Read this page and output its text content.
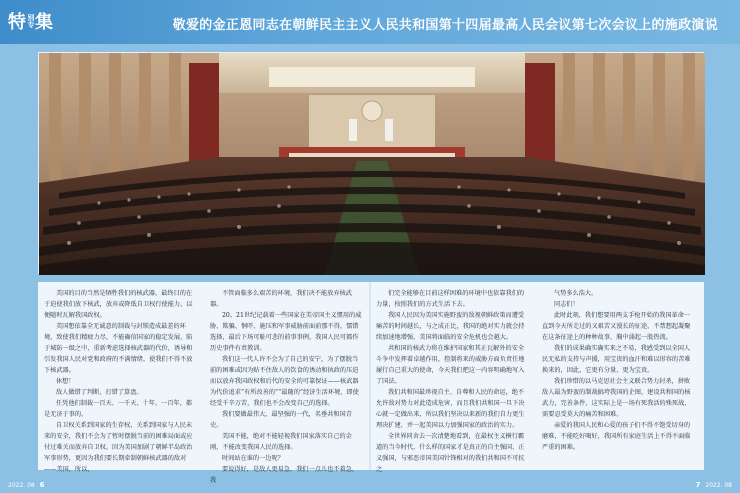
特 别专 集	敬爱的金正恩同志在朝鲜民主主义人民共和国第十四届最高人民会议第七次会议上的施政演说

美国的目的当然是牺牲我们的核武器，最终目的在于迫使我们放下核武，放弃或降低自卫权行使能力，以便随时瓦解我国政权。

美国想依靠全无诚意的制裁与封锁造成最差的环境，致使我们精疲力尽，不能确信国家的稳定发展，陷于城防一级之中，重新考虑选择核武器的代价，诱导和引发我国人民对党和政府的不满情绪，使我们不得不放下核武器。

休想！

敌人做错了判断，打错了算盘。

任凭他们制裁一百天、一千天、十年、一百年，都是无济于事的。

自卫权关系到国家的生存权，关系到国家与人民未来的安全，我们不会为了暂时摆脱当前的困难局面或应付过难关而放弃自卫权。因为美国加剧了朝鲜半岛政治军事形势，更因为我们要长期牵制朝鲜核武器的敌对——美国，所以，

不管面临多么艰苦的环境，我们决不能放弃核武器。

20、21世纪记载着一些国家在美帝国主义惯用的威胁、欺骗、恫吓、施压和军事威胁前面前那不得，懦错选择，最后下场可耻可悲的前事事例，我国人民可都作历史事件有责教训。

我们这一代人许不会为了自己的安宁，为了摆脱当前的困难或因为贴不住敌人的饮食的诱动和执政的压迫而以放弃我国政权和后代的安全的可靠保证——核武器为代价追求“有所改善的”“最随的”经济生活环境，即使经受千辛万苦，我们也不会改变自己的选择。

我们要做最伟大、最坚强的一代，名垂共和国青史。

美国不能，绝对不能轻视我们国家落实自己的金刚，不能改变我国人民的选择。

时间站在谁的一边呢？

要说得好，是敌人更易急，我们一点儿也不着急，我

们完全能够在目前这样困难的环境中也依靠我们的力量，按照我们的方式生活下去。

我国人民因为美国实施野蛮的敌视朝鲜政策而遭受痛苦的时间越长，与之成正比，我国的绝对实力就会持续加速地增强，美国将面临的安全危机也会越大。

共和国的核武力将在维护国家和其正瓦解外的安全斗争中发挥着卓越作用，控制将来的威胁方面负责任地履行自己重大的使命，今天我们把这一内容明确地写入了国法。

我们共和国最珍视自主、自尊和人民的命运，绝不允许敌对势力对此造成危害，而且我们共和国一旦下决心就一定做出来，所以我们坚决以来新的我们自力更生理决扩建，并一起美国以力加强国家的政治的实力。

全世界同舍去一次清楚地看到，在最权主义横行霸道的当今时代，什么样的国家才是真正的自主强国、正义强国，与邪恶帝国美国针锋相对的我们共和国不可抗之

气势多么浩大。

同志们！

此时此刻，我们想要用两支手枪开始的我国革命一直到今天所走过的又艰苦又漫长的征途，不禁想起凝聚在这条征途上的种种故事，胸中涌起一股热流。

我们的成果确实确实来之不易，我感受到以全国人民无私的支持与声援，用宝贵的血汗和难以形容的苦难换来的，因此，它更有分量，更为宝贵。

我们珍惜的以马克思社会主义联合势力封杀，拼败敌人最为野蛮的制裁搞垮我国的企图，建设共和国的核武力，完善条件，这实际上是一场有死我活的殊死战，需要忍受莫大的痛苦和困难。

亲爱的我国人民和心爱的孩子们不得不饱受切身的磨难，不能吃好喝好，我国所有家庭生活上不得不面临严重的困难。

2022. 08 6	7 2022. 08
